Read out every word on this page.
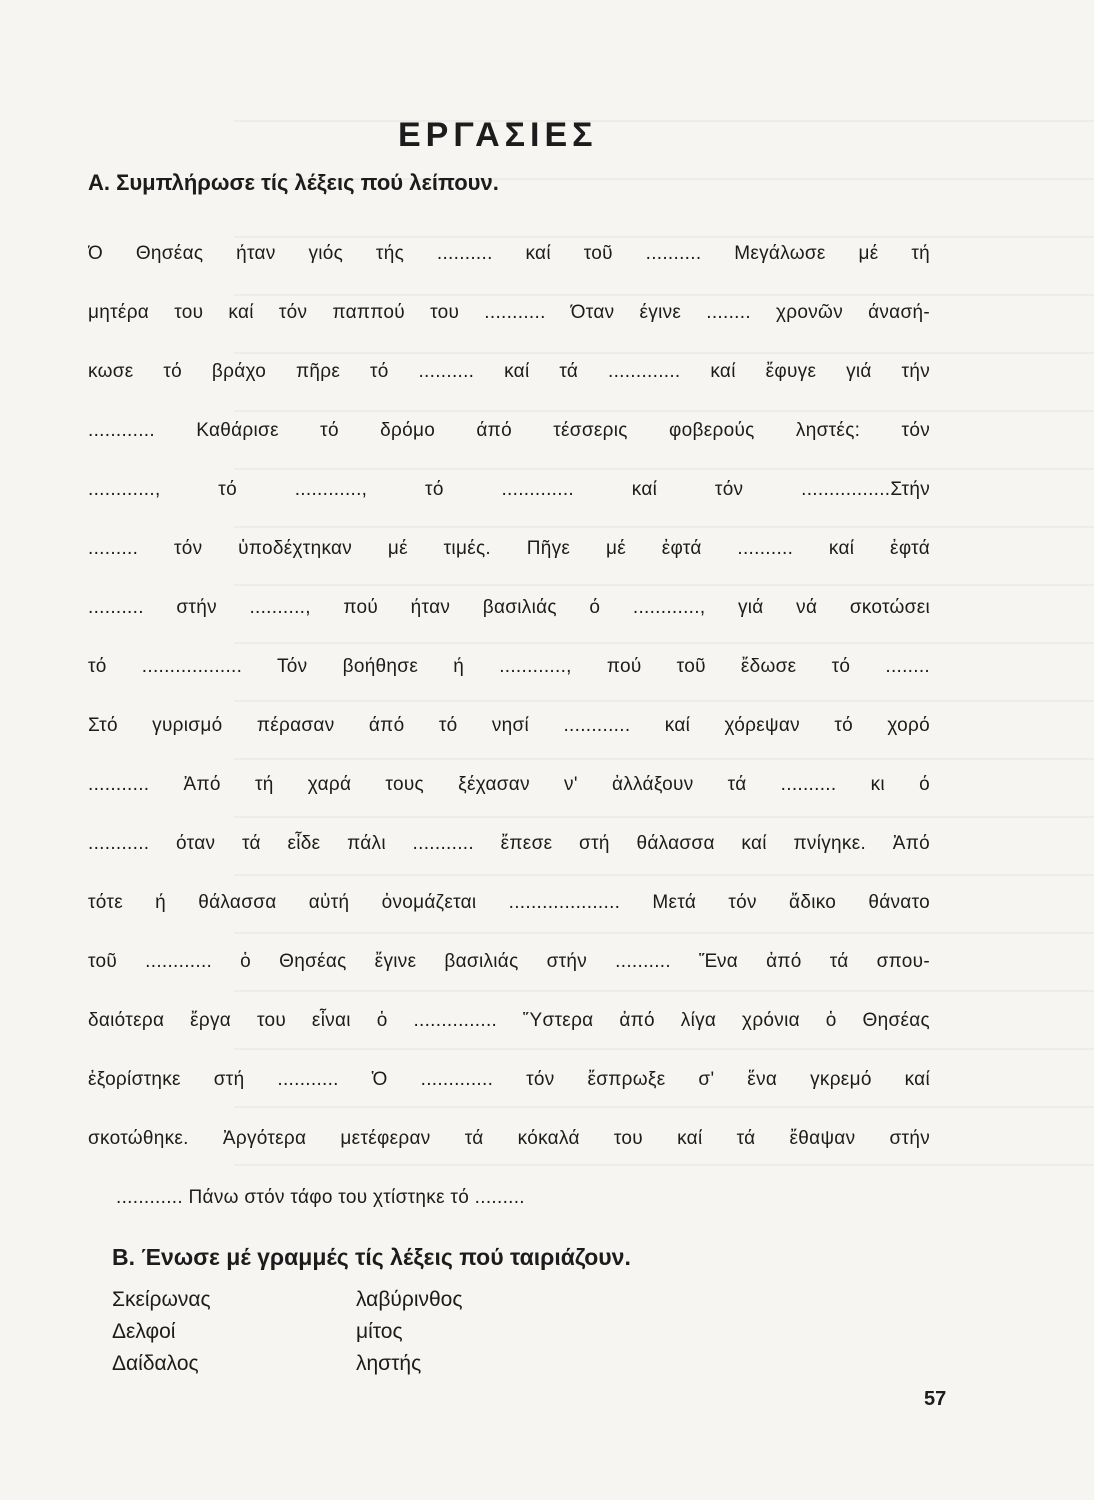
ΕΡΓΑΣΙΕΣ
Α. Συμπλήρωσε τίς λέξεις πού λείπουν.
Ό Θησέας ήταν γιός τής .......... καί τοῦ .......... Μεγάλωσε μέ τή
μητέρα του καί τόν παππού του ........... Όταν έγινε ........ χρονῶν άνασή-
κωσε τό βράχο πῆρε τό .......... καί τά ............. καί ἔφυγε γιά τήν
............ Καθάρισε τό δρόμο άπό τέσσερις φοβερούς ληστές: τόν
............, τό ............, τό ............. καί τόν ................Στήν
......... τόν ὑποδέχτηκαν μέ τιμές. Πῆγε μέ ἐφτά .......... καί ἐφτά
.......... στήν .........., πού ήταν βασιλιάς ό ............, γιά νά σκοτώσει
τό .................. Τόν βοήθησε ή ............, πού τοῦ ἔδωσε τό ........
Στό γυρισμό πέρασαν άπό τό νησί ............ καί χόρεψαν τό χορό
........... Ἀπό τή χαρά τους ξέχασαν ν' ἀλλάξουν τά .......... κι ό
........... όταν τά εἶδε πάλι ........... ἔπεσε στή θάλασσα καί πνίγηκε. Ἀπό
τότε ή θάλασσα αὐτή ὀνομάζεται .................... Μετά τόν ἄδικο θάνατο
τοῦ ............ ὁ Θησέας ἔγινε βασιλιάς στήν .......... Ἕνα ἀπό τά σπου-
δαιότερα ἔργα του εἶναι ὁ ............... Ὕστερα ἀπό λίγα χρόνια ὁ Θησέας
ἐξορίστηκε στή ........... Ὁ ............. τόν ἔσπρωξε σ' ἕνα γκρεμό καί
σκοτώθηκε. Ἀργότερα μετέφεραν τά κόκαλά του καί τά ἔθαψαν στήν
............ Πάνω στόν τάφο του χτίστηκε τό .........
Β. Ένωσε μέ γραμμές τίς λέξεις πού ταιριάζουν.
Σκείρωνας
Δελφοί
Δαίδαλος
λαβύρινθος
μίτος
ληστής
57
